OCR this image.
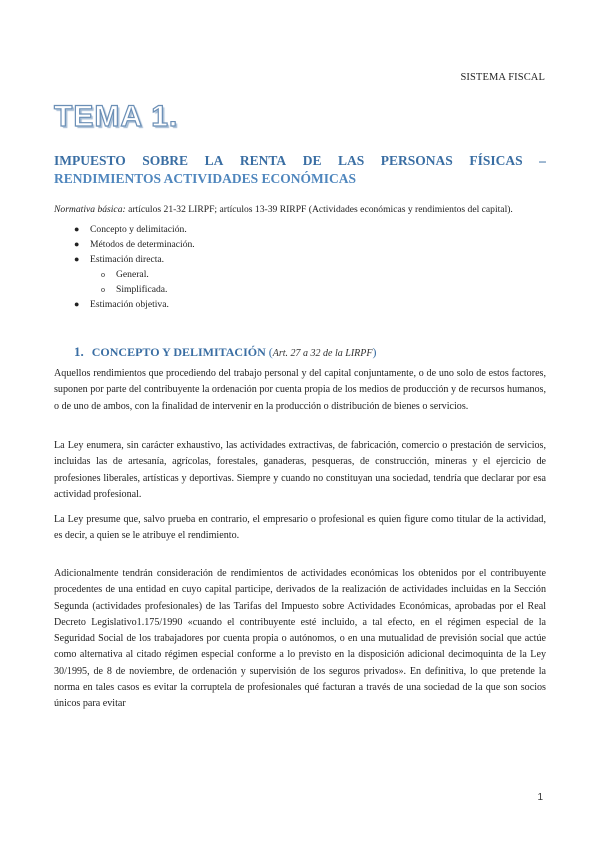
SISTEMA FISCAL
TEMA 1.
IMPUESTO SOBRE LA RENTA DE LAS PERSONAS FÍSICAS –
RENDIMIENTOS ACTIVIDADES ECONÓMICAS
Normativa básica: artículos 21-32 LIRPF; artículos 13-39 RIRPF (Actividades económicas y rendimientos del capital).
● Concepto y delimitación.
● Métodos de determinación.
● Estimación directa.
o General.
o Simplificada.
● Estimación objetiva.
1. CONCEPTO Y DELIMITACIÓN (Art. 27 a 32 de la LIRPF)

Aquellos rendimientos que procediendo del trabajo personal y del capital conjuntamente, o de uno solo de estos factores, suponen por parte del contribuyente la ordenación por cuenta propia de los medios de producción y de recursos humanos, o de uno de ambos, con la finalidad de intervenir en la producción o distribución de bienes o servicios.

La Ley enumera, sin carácter exhaustivo, las actividades extractivas, de fabricación, comercio o prestación de servicios, incluidas las de artesanía, agrícolas, forestales, ganaderas, pesqueras, de construcción, mineras y el ejercicio de profesiones liberales, artísticas y deportivas. Siempre y cuando no constituyan una sociedad, tendría que declarar por esa actividad profesional.

La Ley presume que, salvo prueba en contrario, el empresario o profesional es quien figure como titular de la actividad, es decir, a quien se le atribuye el rendimiento.

Adicionalmente tendrán consideración de rendimientos de actividades económicas los obtenidos por el contribuyente procedentes de una entidad en cuyo capital participe, derivados de la realización de actividades incluidas en la Sección Segunda (actividades profesionales) de las Tarifas del Impuesto sobre Actividades Económicas, aprobadas por el Real Decreto Legislativo1.175/1990 «cuando el contribuyente esté incluido, a tal efecto, en el régimen especial de la Seguridad Social de los trabajadores por cuenta propia o autónomos, o en una mutualidad de previsión social que actúe como alternativa al citado régimen especial conforme a lo previsto en la disposición adicional decimoquinta de la Ley 30/1995, de 8 de noviembre, de ordenación y supervisión de los seguros privados». En definitiva, lo que pretende la norma en tales casos es evitar la corruptela de profesionales qué facturan a través de una sociedad de la que son socios únicos para evitar

1
